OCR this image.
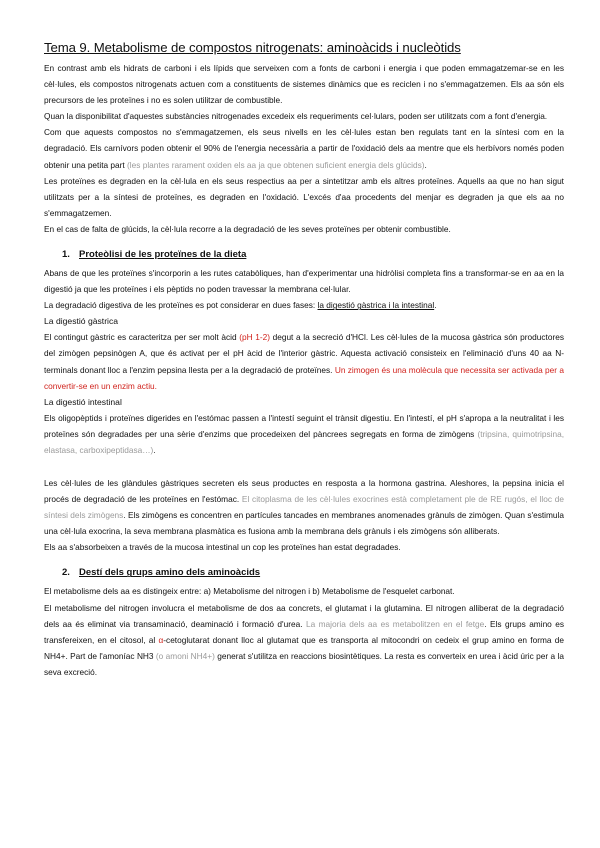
Tema 9. Metabolisme de compostos nitrogenats: aminoàcids i nucleòtids

En contrast amb els hidrats de carboni i els lípids que serveixen com a fonts de carboni i energia i que poden emmagatzemar-se en les cèl·lules, els compostos nitrogenats actuen com a constituents de sistemes dinàmics que es reciclen i no s'emmagatzemen. Els aa són els precursors de les proteïnes i no es solen utilitzar de combustible.

Quan la disponibilitat d'aquestes substàncies nitrogenades excedeix els requeriments cel·lulars, poden ser utilitzats com a font d'energia.

Com que aquests compostos no s'emmagatzemen, els seus nivells en les cèl·lules estan ben regulats tant en la síntesi com en la degradació. Els carnívors poden obtenir el 90% de l'energia necessària a partir de l'oxidació dels aa mentre que els herbívors només poden obtenir una petita part (les plantes rarament oxiden els aa ja que obtenen suficient energia dels glúcids).

Les proteïnes es degraden en la cèl·lula en els seus respectius aa per a sintetitzar amb els altres proteïnes. Aquells aa que no han sigut utilitzats per a la síntesi de proteïnes, es degraden en l'oxidació. L'excés d'aa procedents del menjar es degraden ja que els aa no s'emmagatzemen.

En el cas de falta de glúcids, la cèl·lula recorre a la degradació de les seves proteïnes per obtenir combustible.

1. Proteòlisi de les proteïnes de la dieta

Abans de que les proteïnes s'incorporin a les rutes catabòliques, han d'experimentar una hidròlisi completa fins a transformar-se en aa en la digestió ja que les proteïnes i els pèptids no poden travessar la membrana cel·lular.

La degradació digestiva de les proteïnes es pot considerar en dues fases: la digestió gàstrica i la intestinal.

La digestió gàstrica

El contingut gàstric es caracteritza per ser molt àcid (pH 1-2) degut a la secreció d'HCl. Les cèl·lules de la mucosa gàstrica són productores del zimògen pepsinògen A, que és activat per el pH àcid de l'interior gàstric. Aquesta activació consisteix en l'eliminació d'uns 40 aa N-terminals donant lloc a l'enzim pepsina llesta per a la degradació de proteïnes. Un zimogen és una molècula que necessita ser activada per a convertir-se en un enzim actiu.

La digestió intestinal

Els oligopèptids i proteïnes digerides en l'estómac passen a l'intestí seguint el trànsit digestiu. En l'intestí, el pH s'apropa a la neutralitat i les proteïnes són degradades per una sèrie d'enzims que procedeixen del pàncrees segregats en forma de zimògens (tripsina, quimotripsina, elastasa, carboxipeptidasa…).

Les cèl·lules de les glàndules gàstriques secreten els seus productes en resposta a la hormona gastrina. Aleshores, la pepsina inicia el procés de degradació de les proteïnes en l'estómac. El citoplasma de les cèl·lules exocrines està completament ple de RE rugós, el lloc de síntesi dels zimògens. Els zimògens es concentren en partícules tancades en membranes anomenades grànuls de zimògen. Quan s'estimula una cèl·lula exocrina, la seva membrana plasmàtica es fusiona amb la membrana dels grànuls i els zimògens són alliberats.

Els aa s'absorbeixen a través de la mucosa intestinal un cop les proteïnes han estat degradades.

2. Destí dels grups amino dels aminoàcids

El metabolisme dels aa es distingeix entre: a) Metabolisme del nitrogen i b) Metabolisme de l'esquelet carbonat.

El metabolisme del nitrogen involucra el metabolisme de dos aa concrets, el glutamat i la glutamina. El nitrogen alliberat de la degradació dels aa és eliminat via transaminació, deaminació i formació d'urea. La majoria dels aa es metabolitzen en el fetge. Els grups amino es transfereixen, en el citosol, al α-cetoglutarat donant lloc al glutamat que es transporta al mitocondri on cedeix el grup amino en forma de NH4+. Part de l'amoníac NH3 (o amoni NH4+) generat s'utilitza en reaccions biosintètiques. La resta es converteix en urea i àcid úric per a la seva excreció.
